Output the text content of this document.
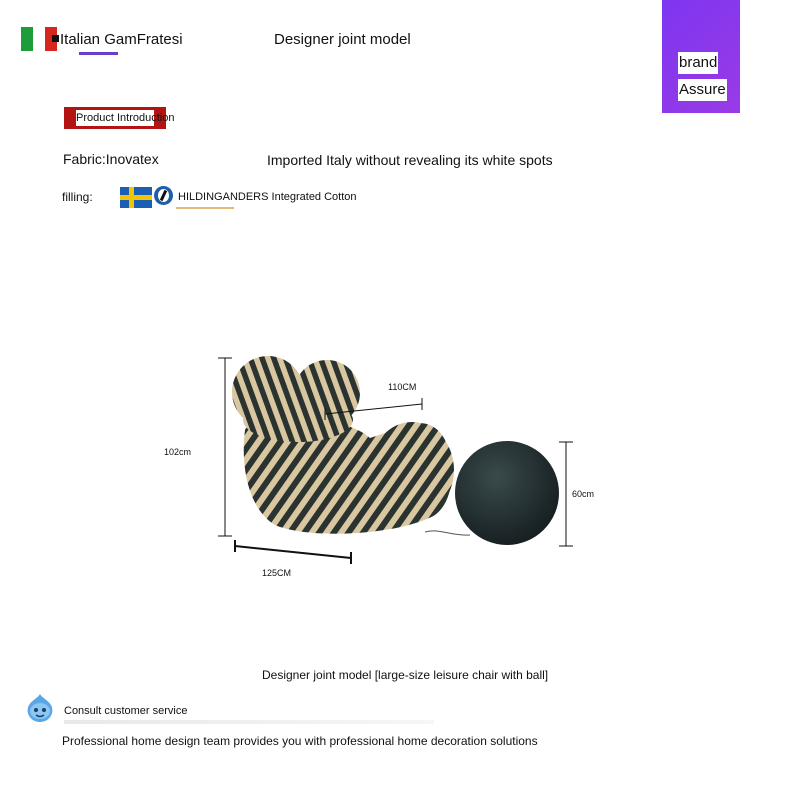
Italian GamFratesi	Designer joint model
brand
Assure
Product Introduction
Fabric:Inovatex	Imported Italy without revealing its white spots
filling:	HILDINGANDERS Integrated Cotton
102cm
110CM
60cm
125CM
Designer joint model [large-size leisure chair with ball]
Consult customer service
Professional home design team provides you with professional home decoration solutions
